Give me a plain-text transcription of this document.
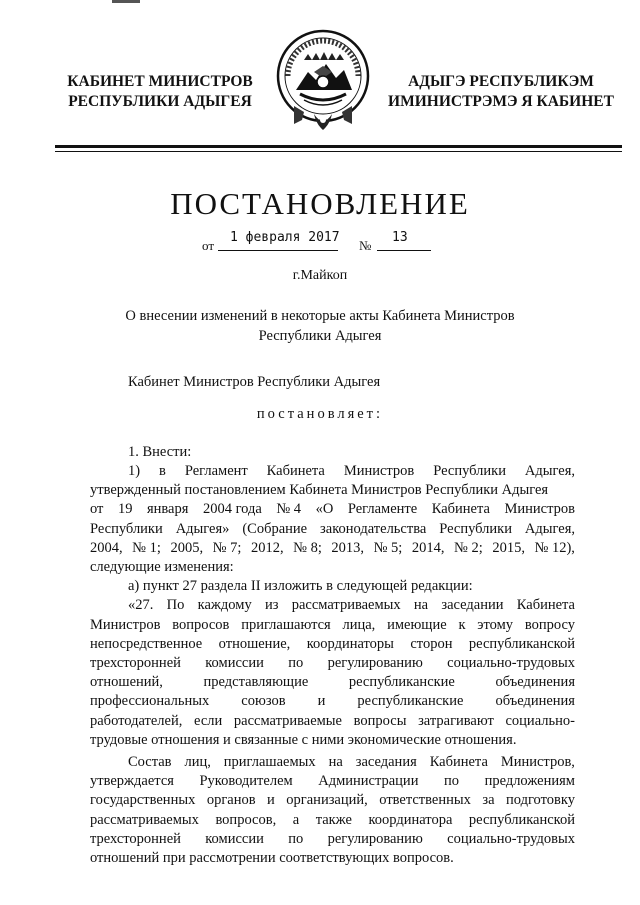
КАБИНЕТ МИНИСТРОВ
РЕСПУБЛИКИ АДЫГЕЯ
АДЫГЭ РЕСПУБЛИКЭМ
ИМИНИСТРЭМЭ Я КАБИНЕТ
ПОСТАНОВЛЕНИЕ
от
1 февраля 2017
№
13
г.Майкоп
О внесении изменений в некоторые акты Кабинета Министров
Республики Адыгея
Кабинет Министров Республики Адыгея
постановляет:
1. Внести:
1) в Регламент Кабинета Министров Республики Адыгея,
утвержденный постановлением Кабинета Министров Республики Адыгея
от 19 января 2004 года № 4 «О Регламенте Кабинета Министров
Республики Адыгея» (Собрание законодательства Республики Адыгея,
2004, № 1; 2005, № 7; 2012, № 8; 2013, № 5; 2014, № 2; 2015, № 12),
следующие изменения:
а) пункт 27 раздела II изложить в следующей редакции:
«27. По каждому из рассматриваемых на заседании Кабинета
Министров вопросов приглашаются лица, имеющие к этому вопросу
непосредственное отношение, координаторы сторон республиканской
трехсторонней комиссии по регулированию социально-трудовых
отношений,	представляющие	республиканские	объединения
профессиональных союзов и республиканские объединения
работодателей, если рассматриваемые вопросы затрагивают социально-
трудовые отношения и связанные с ними экономические отношения.
Состав лиц, приглашаемых на заседания Кабинета Министров,
утверждается Руководителем Администрации по предложениям
государственных органов и организаций, ответственных за подготовку
рассматриваемых вопросов, а также координатора республиканской
трехсторонней комиссии по регулированию социально-трудовых
отношений при рассмотрении соответствующих вопросов.
